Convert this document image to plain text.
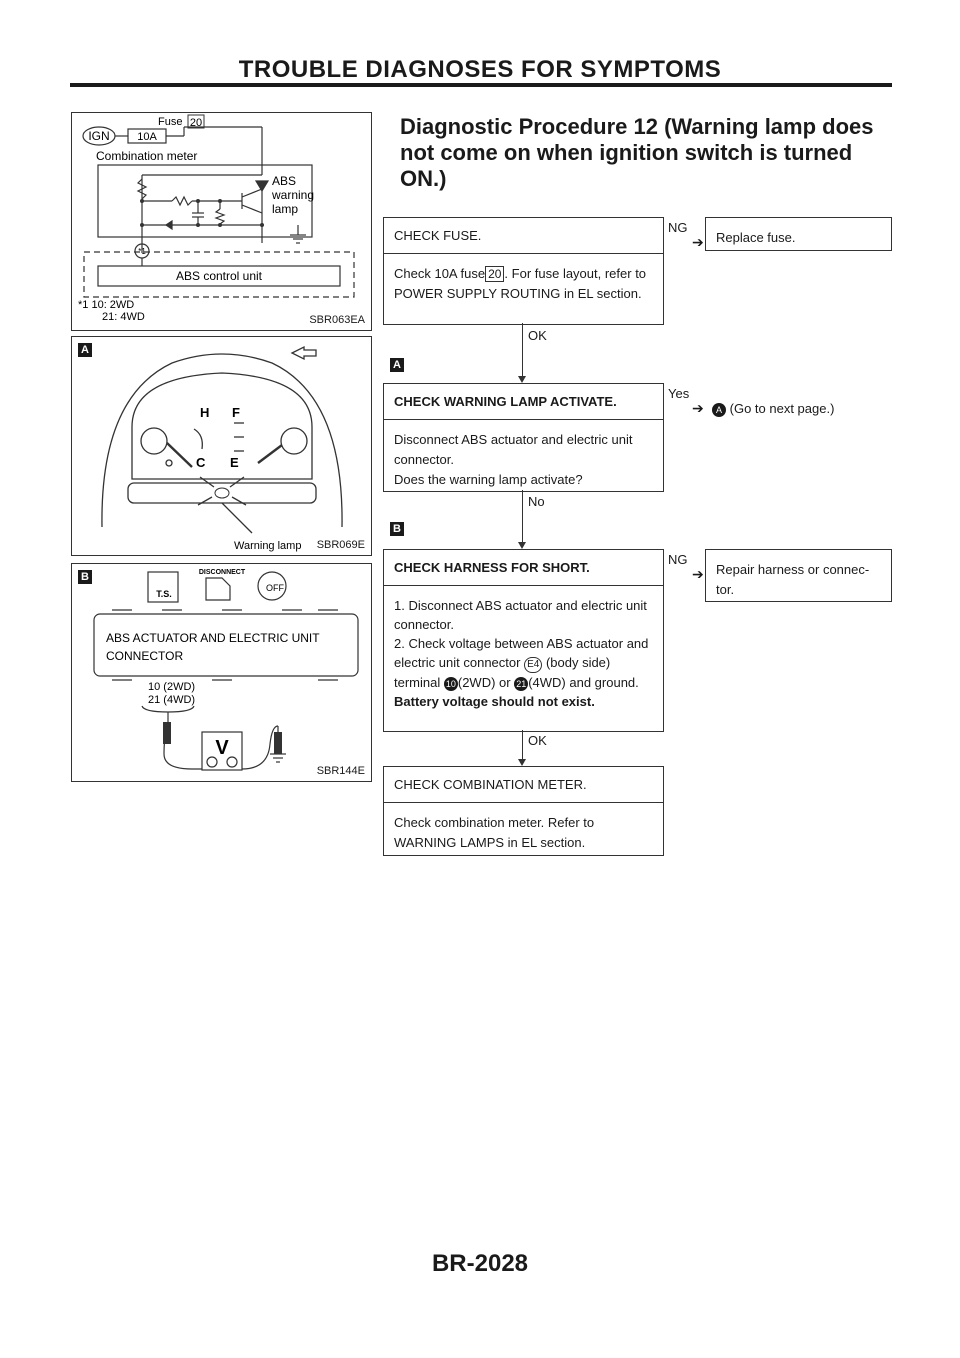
TROUBLE DIAGNOSES FOR SYMPTOMS
IGN	10A
Fuse 20
Combination meter
ABS
warning
lamp
*1
ABS control unit
*1 10: 2WD
21: 4WD	SBR063EA
A
H
C
F
E
Warning lamp SBR069E
B
T.S.
DISCONNECT
OFF
ABS ACTUATOR AND ELECTRIC UNIT
CONNECTOR
10 (2WD)
21 (4WD)
V
SBR144E
Diagnostic Procedure 12 (Warning lamp does not come on when ignition switch is turned ON.)
CHECK FUSE.
Check 10A fuse 20 . For fuse layout, refer to POWER SUPPLY ROUTING in EL section.
NG
➔ Replace fuse.
OK
A
CHECK WARNING LAMP ACTIVATE.
Disconnect ABS actuator and electric unit connector.
Does the warning lamp activate?
Yes
➔	A (Go to next page.)
No
B
CHECK HARNESS FOR SHORT.
1. Disconnect ABS actuator and electric unit connector.
2. Check voltage between ABS actuator and electric unit connector E4 (body side) terminal 10 (2WD) or 21 (4WD) and ground.
Battery voltage should not exist.
NG
➔ Repair harness or connec- tor.
OK
CHECK COMBINATION METER.
Check combination meter. Refer to WARNING LAMPS in EL section.
BR-2028
